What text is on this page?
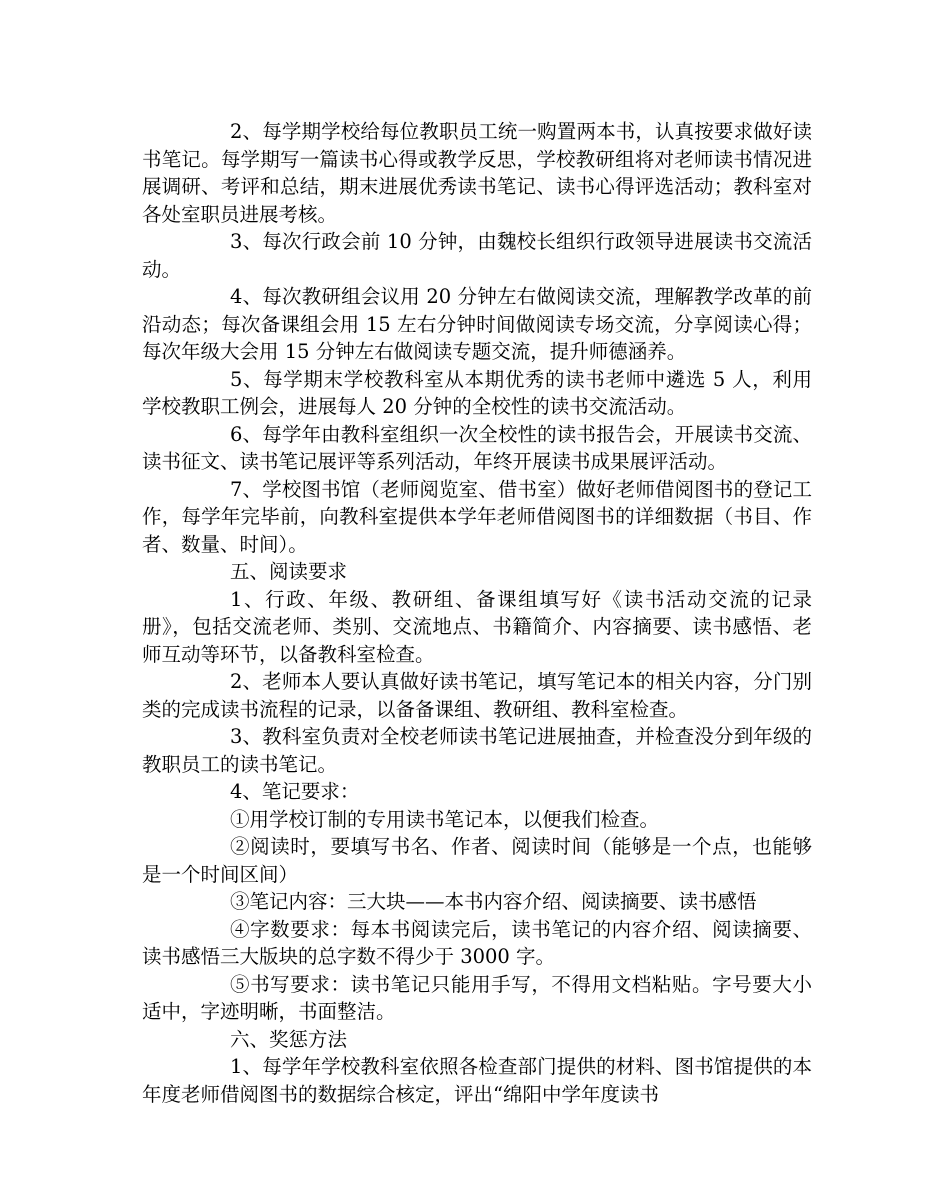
2、每学期学校给每位教职员工统一购置两本书，认真按要求做好读书笔记。每学期写一篇读书心得或教学反思，学校教研组将对老师读书情况进展调研、考评和总结，期末进展优秀读书笔记、读书心得评选活动；教科室对各处室职员进展考核。

3、每次行政会前 10 分钟，由魏校长组织行政领导进展读书交流活动。

4、每次教研组会议用 20 分钟左右做阅读交流，理解教学改革的前沿动态；每次备课组会用 15 左右分钟时间做阅读专场交流，分享阅读心得；每次年级大会用 15 分钟左右做阅读专题交流，提升师德涵养。

5、每学期末学校教科室从本期优秀的读书老师中遴选 5 人，利用学校教职工例会，进展每人 20 分钟的全校性的读书交流活动。

6、每学年由教科室组织一次全校性的读书报告会，开展读书交流、读书征文、读书笔记展评等系列活动，年终开展读书成果展评活动。

7、学校图书馆（老师阅览室、借书室）做好老师借阅图书的登记工作，每学年完毕前，向教科室提供本学年老师借阅图书的详细数据（书目、作者、数量、时间）。

五、阅读要求

1、行政、年级、教研组、备课组填写好《读书活动交流的记录册》，包括交流老师、类别、交流地点、书籍简介、内容摘要、读书感悟、老师互动等环节，以备教科室检查。

2、老师本人要认真做好读书笔记，填写笔记本的相关内容，分门别类的完成读书流程的记录，以备备课组、教研组、教科室检查。

3、教科室负责对全校老师读书笔记进展抽查，并检查没分到年级的教职员工的读书笔记。

4、笔记要求：

①用学校订制的专用读书笔记本，以便我们检查。

②阅读时，要填写书名、作者、阅读时间（能够是一个点，也能够是一个时间区间）

③笔记内容：三大块——本书内容介绍、阅读摘要、读书感悟

④字数要求：每本书阅读完后，读书笔记的内容介绍、阅读摘要、读书感悟三大版块的总字数不得少于 3000 字。

⑤书写要求：读书笔记只能用手写，不得用文档粘贴。字号要大小适中，字迹明晰，书面整洁。

六、奖惩方法

1、每学年学校教科室依照各检查部门提供的材料、图书馆提供的本年度老师借阅图书的数据综合核定，评出“绵阳中学年度读书
